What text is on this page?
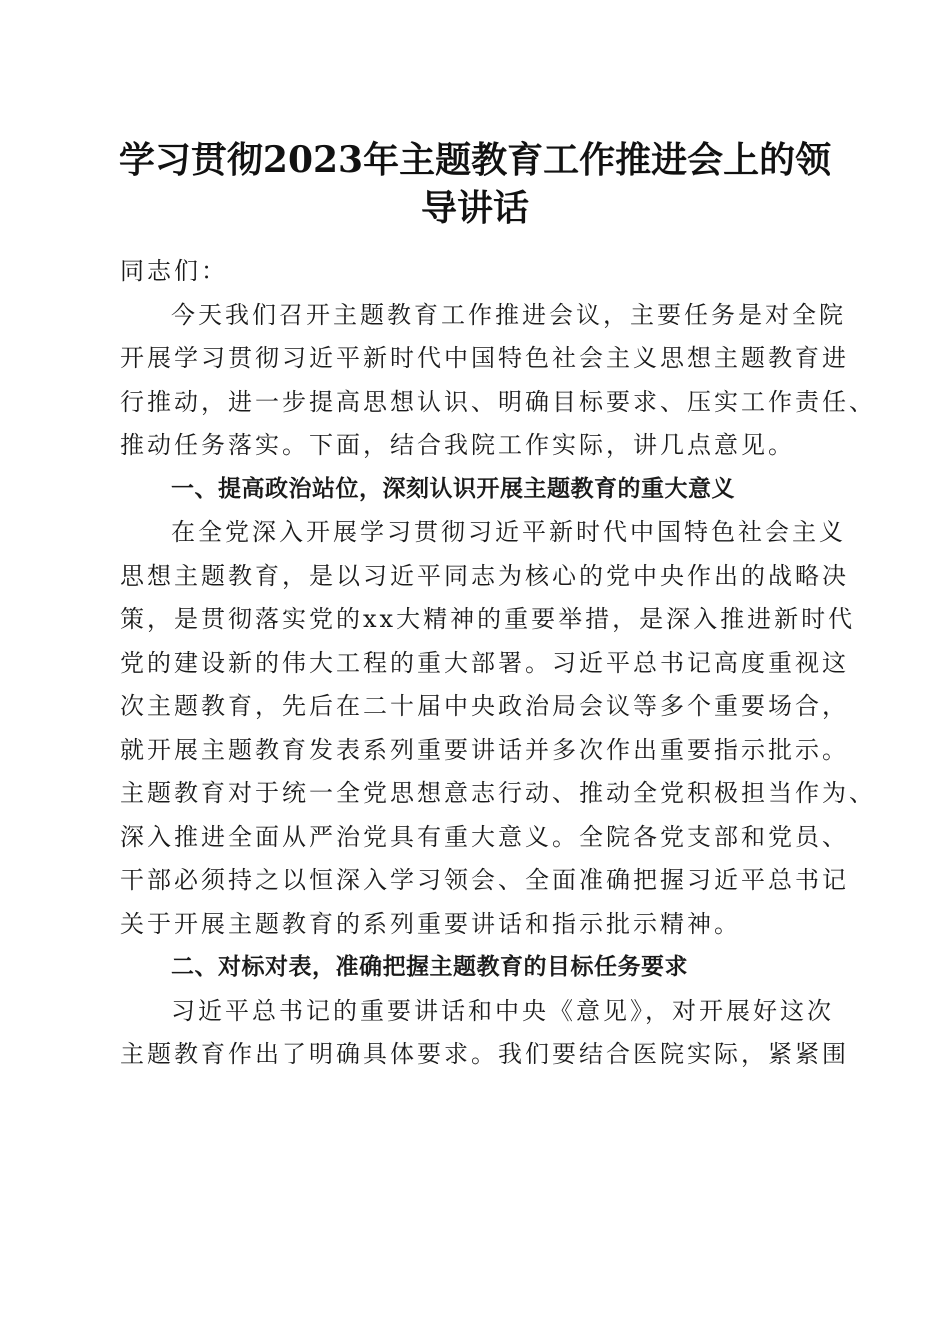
学习贯彻2023年主题教育工作推进会上的领
导讲话
同志们：
今天我们召开主题教育工作推进会议，主要任务是对全院
开展学习贯彻习近平新时代中国特色社会主义思想主题教育进
行推动，进一步提高思想认识、明确目标要求、压实工作责任、
推动任务落实。下面，结合我院工作实际，讲几点意见。
一、提高政治站位，深刻认识开展主题教育的重大意义
在全党深入开展学习贯彻习近平新时代中国特色社会主义
思想主题教育，是以习近平同志为核心的党中央作出的战略决
策，是贯彻落实党的xx大精神的重要举措，是深入推进新时代
党的建设新的伟大工程的重大部署。习近平总书记高度重视这
次主题教育，先后在二十届中央政治局会议等多个重要场合，
就开展主题教育发表系列重要讲话并多次作出重要指示批示。
主题教育对于统一全党思想意志行动、推动全党积极担当作为、
深入推进全面从严治党具有重大意义。全院各党支部和党员、
干部必须持之以恒深入学习领会、全面准确把握习近平总书记
关于开展主题教育的系列重要讲话和指示批示精神。
二、对标对表，准确把握主题教育的目标任务要求
习近平总书记的重要讲话和中央《意见》，对开展好这次
主题教育作出了明确具体要求。我们要结合医院实际，紧紧围
